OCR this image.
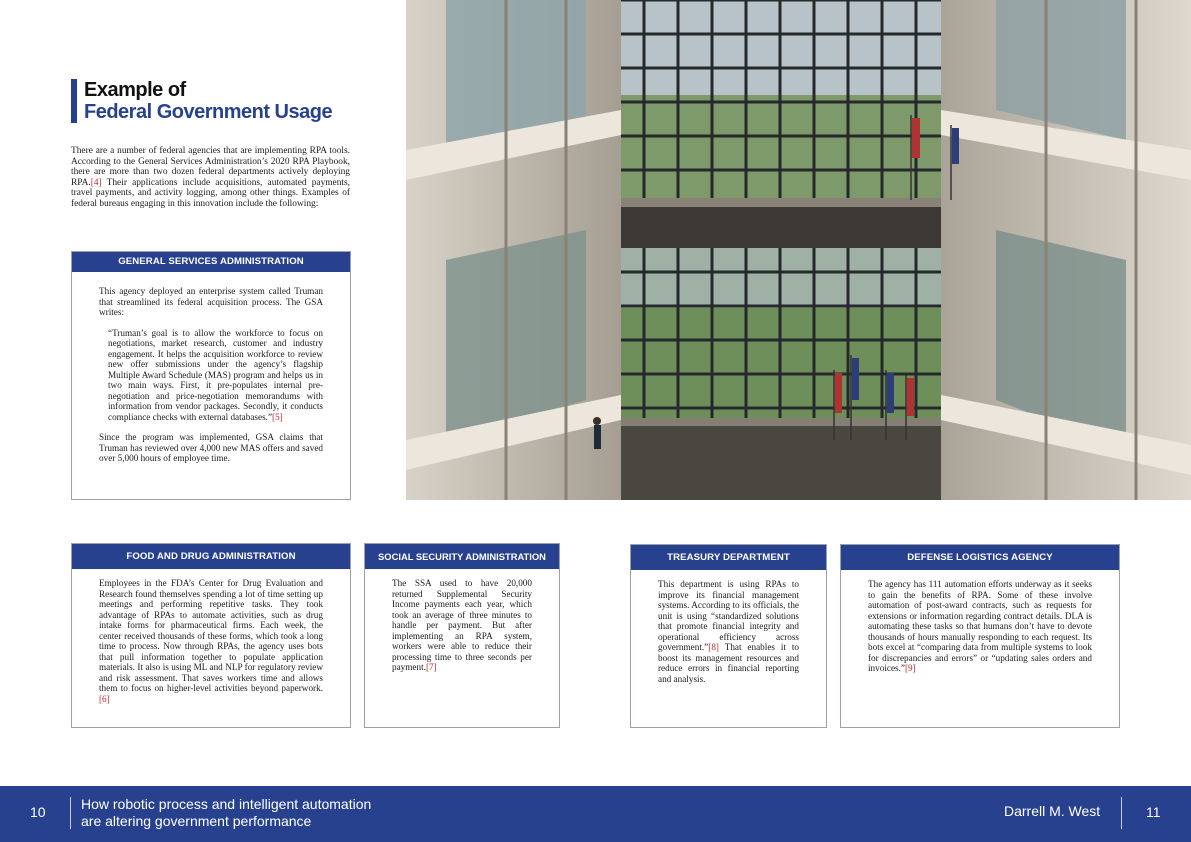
Example of
Federal Government Usage
There are a number of federal agencies that are implementing RPA tools. According to the General Services Administration’s 2020 RPA Playbook, there are more than two dozen federal departments actively deploying RPA.[4] Their applications include acquisitions, automated payments, travel payments, and activity logging, among other things. Examples of federal bureaus engaging in this innovation include the following:
GENERAL SERVICES ADMINISTRATION

This agency deployed an enterprise system called Truman that streamlined its federal acquisition process. The GSA writes:

“Truman’s goal is to allow the workforce to focus on negotiations, market research, customer and industry engagement. It helps the acquisition workforce to review new offer submissions under the agency’s flagship Multiple Award Schedule (MAS) program and helps us in two main ways. First, it pre-populates internal pre-negotiation and price-negotiation memorandums with information from vendor packages. Secondly, it conducts compliance checks with external databases.”[5]

Since the program was implemented, GSA claims that Truman has reviewed over 4,000 new MAS offers and saved over 5,000 hours of employee time.

FOOD AND DRUG ADMINISTRATION
Employees in the FDA’s Center for Drug Evaluation and Research found themselves spending a lot of time setting up meetings and performing repetitive tasks. They took advantage of RPAs to automate activities, such as drug intake forms for pharmaceutical firms. Each week, the center received thousands of these forms, which took a long time to process. Now through RPAs, the agency uses bots that pull information together to populate application materials. It also is using ML and NLP for regulatory review and risk assessment. That saves workers time and allows them to focus on higher-level activities beyond paperwork.[6]
SOCIAL SECURITY ADMINISTRATION
The SSA used to have 20,000 returned Supplemental Security Income payments each year, which took an average of three minutes to handle per payment. But after implementing an RPA system, workers were able to reduce their processing time to three seconds per payment.[7]
TREASURY DEPARTMENT
This department is using RPAs to improve its financial management systems. According to its officials, the unit is using “standardized solutions that promote financial integrity and operational efficiency across government.”[8] That enables it to boost its management resources and reduce errors in financial reporting and analysis.
DEFENSE LOGISTICS AGENCY
The agency has 111 automation efforts underway as it seeks to gain the benefits of RPA. Some of these involve automation of post-award contracts, such as requests for extensions or information regarding contract details. DLA is automating these tasks so that humans don’t have to devote thousands of hours manually responding to each request. Its bots excel at “comparing data from multiple systems to look for discrepancies and errors” or “updating sales orders and invoices.”[9]
10	How robotic process and intelligent automation
are altering government performance
Darrell M. West	11
